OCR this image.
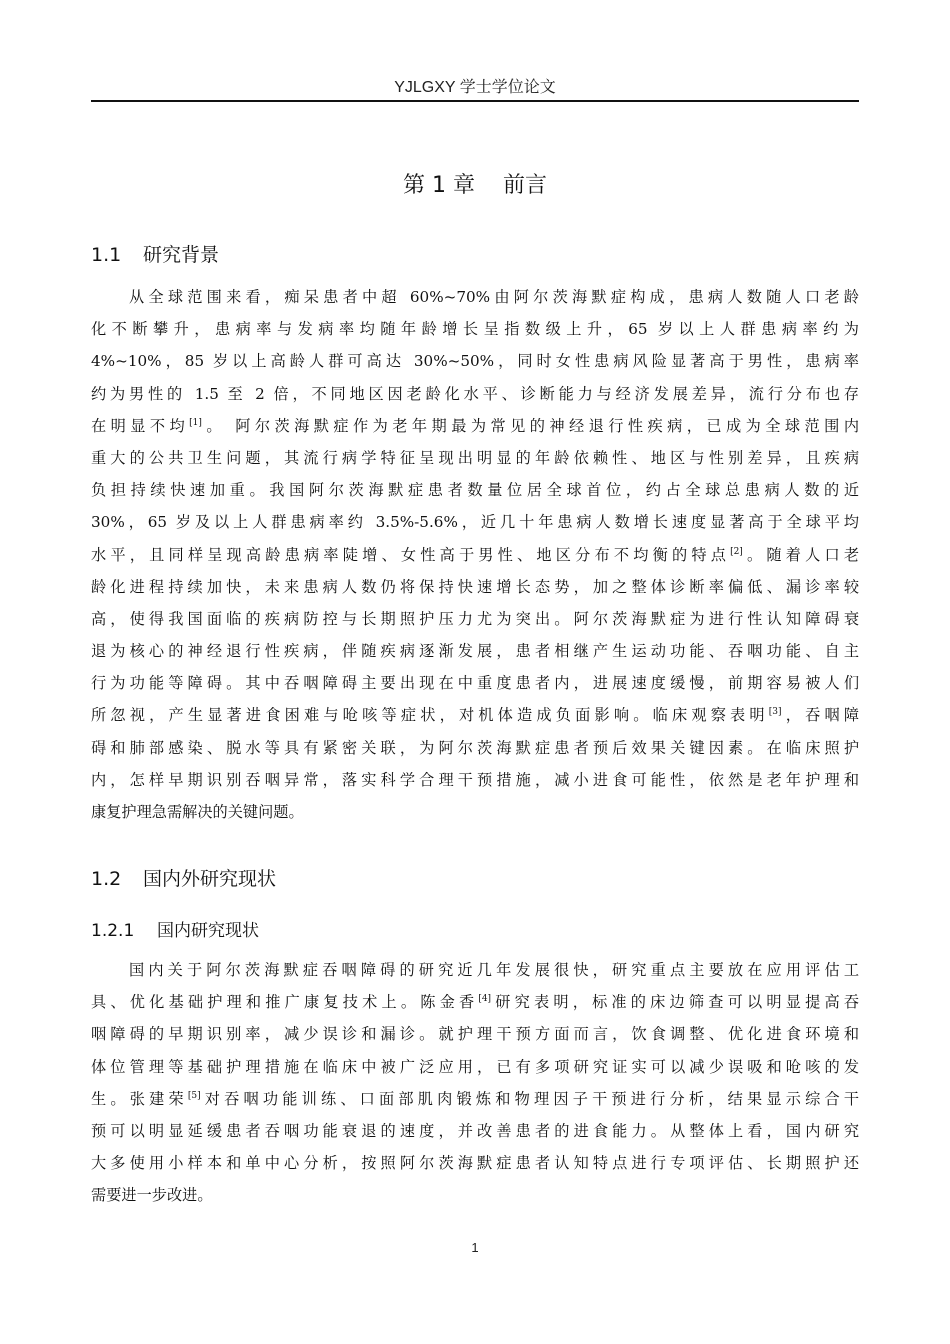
YJLGXY 学士学位论文
第 1 章 前言
1.1 研究背景
从全球范围来看，痴呆患者中超 60%~70%由阿尔茨海默症构成，患病人数随人口老龄
化不断攀升，患病率与发病率均随年龄增长呈指数级上升，65 岁以上人群患病率约为
4%~10%，85 岁以上高龄人群可高达 30%~50%，同时女性患病风险显著高于男性，患病率
约为男性的 1.5 至 2 倍，不同地区因老龄化水平、诊断能力与经济发展差异，流行分布也存
在明显不均[1]。 阿尔茨海默症作为老年期最为常见的神经退行性疾病，已成为全球范围内
重大的公共卫生问题，其流行病学特征呈现出明显的年龄依赖性、地区与性别差异，且疾病
负担持续快速加重。我国阿尔茨海默症患者数量位居全球首位，约占全球总患病人数的近
30%，65 岁及以上人群患病率约 3.5%-5.6%，近几十年患病人数增长速度显著高于全球平均
水平，且同样呈现高龄患病率陡增、女性高于男性、地区分布不均衡的特点[2]。随着人口老
龄化进程持续加快，未来患病人数仍将保持快速增长态势，加之整体诊断率偏低、漏诊率较
高，使得我国面临的疾病防控与长期照护压力尤为突出。阿尔茨海默症为进行性认知障碍衰
退为核心的神经退行性疾病，伴随疾病逐渐发展，患者相继产生运动功能、吞咽功能、自主
行为功能等障碍。其中吞咽障碍主要出现在中重度患者内，进展速度缓慢，前期容易被人们
所忽视，产生显著进食困难与呛咳等症状，对机体造成负面影响。临床观察表明[3]，吞咽障
碍和肺部感染、脱水等具有紧密关联，为阿尔茨海默症患者预后效果关键因素。在临床照护
内，怎样早期识别吞咽异常，落实科学合理干预措施，减小进食可能性，依然是老年护理和
康复护理急需解决的关键问题。
1.2 国内外研究现状
1.2.1 国内研究现状
国内关于阿尔茨海默症吞咽障碍的研究近几年发展很快，研究重点主要放在应用评估工
具、优化基础护理和推广康复技术上。陈金香[4]研究表明，标准的床边筛查可以明显提高吞
咽障碍的早期识别率，减少误诊和漏诊。就护理干预方面而言，饮食调整、优化进食环境和
体位管理等基础护理措施在临床中被广泛应用，已有多项研究证实可以减少误吸和呛咳的发
生。张建荣[5]对吞咽功能训练、口面部肌肉锻炼和物理因子干预进行分析，结果显示综合干
预可以明显延缓患者吞咽功能衰退的速度，并改善患者的进食能力。从整体上看，国内研究
大多使用小样本和单中心分析，按照阿尔茨海默症患者认知特点进行专项评估、长期照护还
需要进一步改进。
1
